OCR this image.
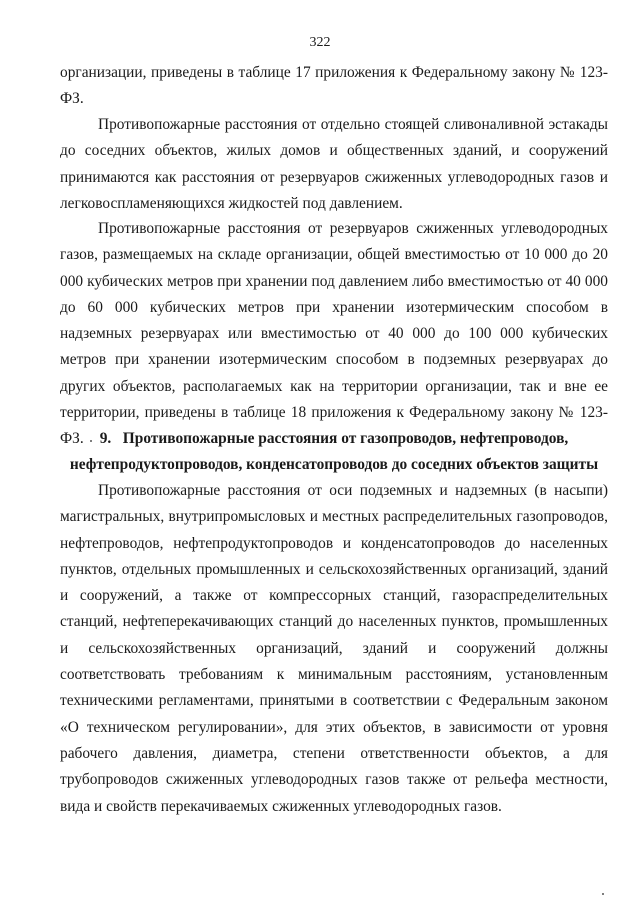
322

организации, приведены в таблице 17 приложения к Федеральному закону № 123-ФЗ.

Противопожарные расстояния от отдельно стоящей сливоналивной эстакады до соседних объектов, жилых домов и общественных зданий, и сооружений принимаются как расстояния от резервуаров сжиженных углеводородных газов и легковоспламеняющихся жидкостей под давлением.

Противопожарные расстояния от резервуаров сжиженных углеводородных газов, размещаемых на складе организации, общей вместимостью от 10 000 до 20 000 кубических метров при хранении под давлением либо вместимостью от 40 000 до 60 000 кубических метров при хранении изотермическим способом в надземных резервуарах или вместимостью от 40 000 до 100 000 кубических метров при хранении изотермическим способом в подземных резервуарах до других объектов, располагаемых как на территории организации, так и вне ее территории, приведены в таблице 18 приложения к Федеральному закону № 123-ФЗ.	9.   Противопожарные расстояния от газопроводов, нефтепроводов, нефтепродуктопроводов, конденсатопроводов до соседних объектов защиты

Противопожарные расстояния от оси подземных и надземных (в насыпи) магистральных, внутрипромысловых и местных распределительных газопроводов, нефтепроводов, нефтепродуктопроводов и конденсатопроводов до населенных пунктов, отдельных промышленных и сельскохозяйственных организаций, зданий и сооружений, а также от компрессорных станций, газораспределительных станций, нефтеперекачивающих станций до населенных пунктов, промышленных и сельскохозяйственных организаций, зданий и сооружений должны соответствовать требованиям к минимальным расстояниям, установленным техническими регламентами, принятыми в соответствии с Федеральным законом «О техническом регулировании», для этих объектов, в зависимости от уровня рабочего давления, диаметра, степени ответственности объектов, а для трубопроводов сжиженных углеводородных газов также от рельефа местности, вида и свойств перекачиваемых сжиженных углеводородных газов.
